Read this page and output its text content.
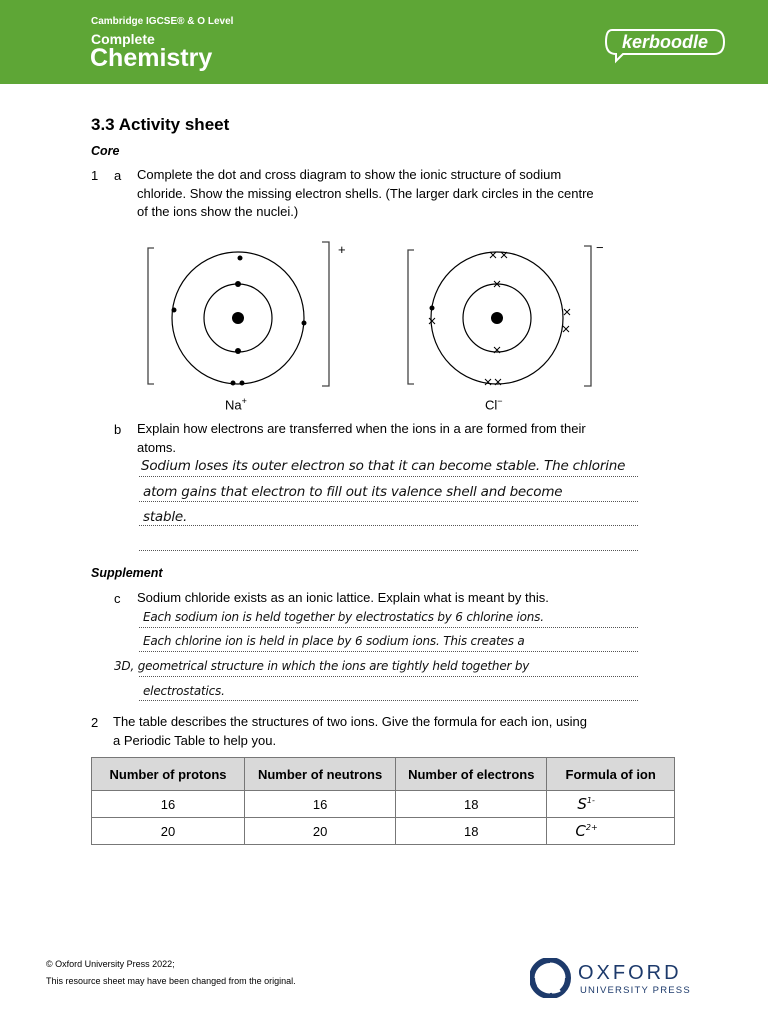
Cambridge IGCSE® & O Level
Complete
Chemistry
kerboodle
3.3 Activity sheet
Core
1 a Complete the dot and cross diagram to show the ionic structure of sodium
chloride. Show the missing electron shells. (The larger dark circles in the centre
of the ions show the nuclei.)
+	−
Na+	Cl−
b Explain how electrons are transferred when the ions in a are formed from their
atoms.
Sodium loses its outer electron so that it can become stable. The chlorine
atom gains that electron to fill out its valence shell and become
stable.
Supplement
c Sodium chloride exists as an ionic lattice. Explain what is meant by this.
Each sodium ion is held together by electrostatics by 6 chlorine ions.
Each chlorine ion is held in place by 6 sodium ions. This creates a
3D, geometrical structure in which the ions are tightly held together by
electrostatics.
2 The table describes the structures of two ions. Give the formula for each ion, using
a Periodic Table to help you.
Number of protons	Number of neutrons	Number of electrons	Formula of ion
16	16	18	$S^{1-}$
20	20	18	$C^{2+}$
© Oxford University Press 2022;
This resource sheet may have been changed from the original.	OXFORD
UNIVERSITY PRESS
